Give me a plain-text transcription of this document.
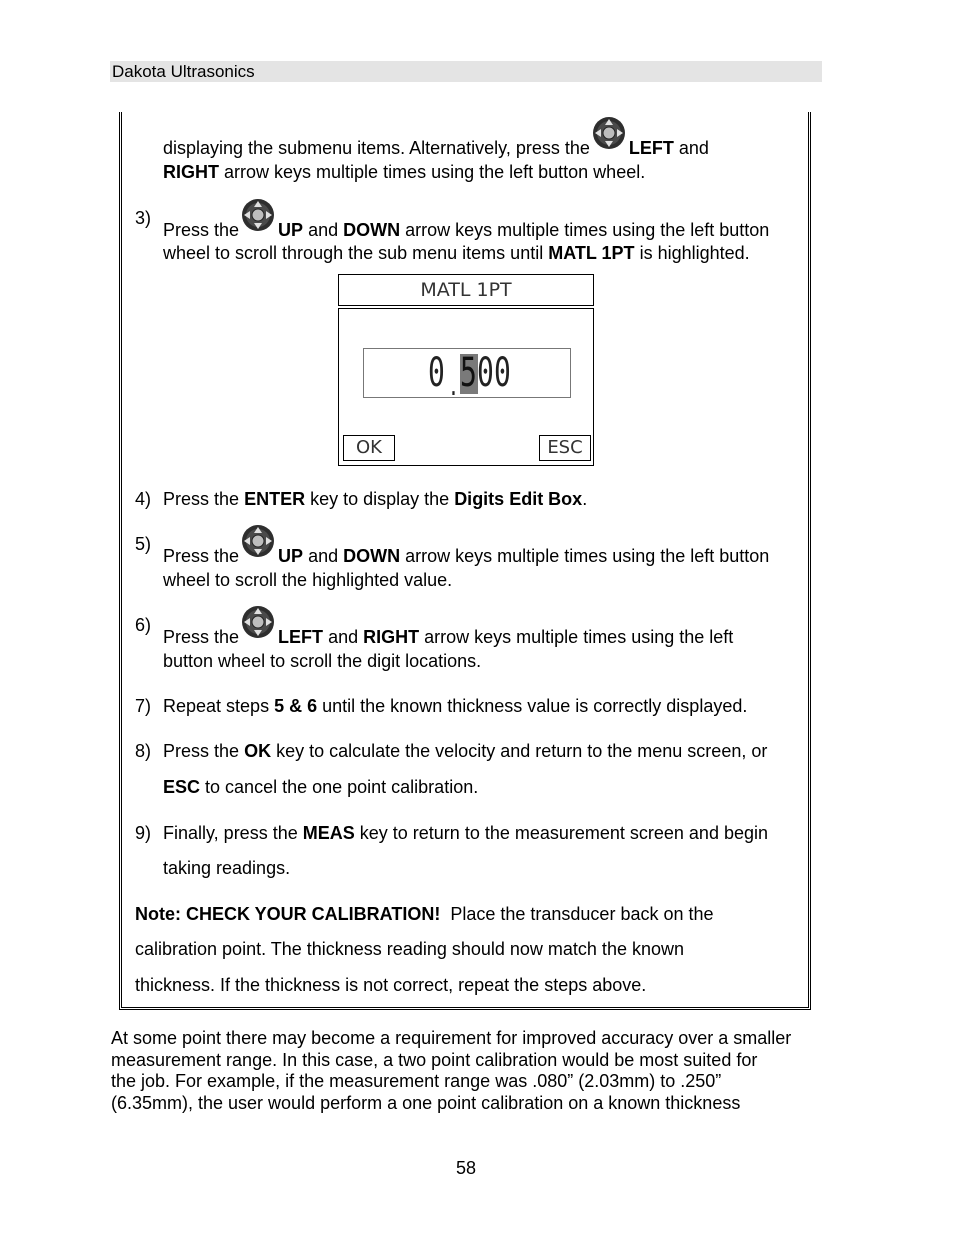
Dakota Ultrasonics
displaying the submenu items. Alternatively, press the LEFT and
RIGHT arrow keys multiple times using the left button wheel.
3)
Press the UP and DOWN arrow keys multiple times using the left button
wheel to scroll through the sub menu items until MATL 1PT is highlighted.
MATL 1PT
0 . 5 0 0
OK	ESC
4) Press the ENTER key to display the Digits Edit Box.
5)
Press the UP and DOWN arrow keys multiple times using the left button
wheel to scroll the highlighted value.
6)
Press the LEFT and RIGHT arrow keys multiple times using the left
button wheel to scroll the digit locations.
7) Repeat steps 5 & 6 until the known thickness value is correctly displayed.
8) Press the OK key to calculate the velocity and return to the menu screen, or
ESC to cancel the one point calibration.
9) Finally, press the MEAS key to return to the measurement screen and begin
taking readings.
Note: CHECK YOUR CALIBRATION! Place the transducer back on the
calibration point. The thickness reading should now match the known
thickness. If the thickness is not correct, repeat the steps above.
At some point there may become a requirement for improved accuracy over a smaller
measurement range. In this case, a two point calibration would be most suited for
the job. For example, if the measurement range was .080” (2.03mm) to .250”
(6.35mm), the user would perform a one point calibration on a known thickness
58
